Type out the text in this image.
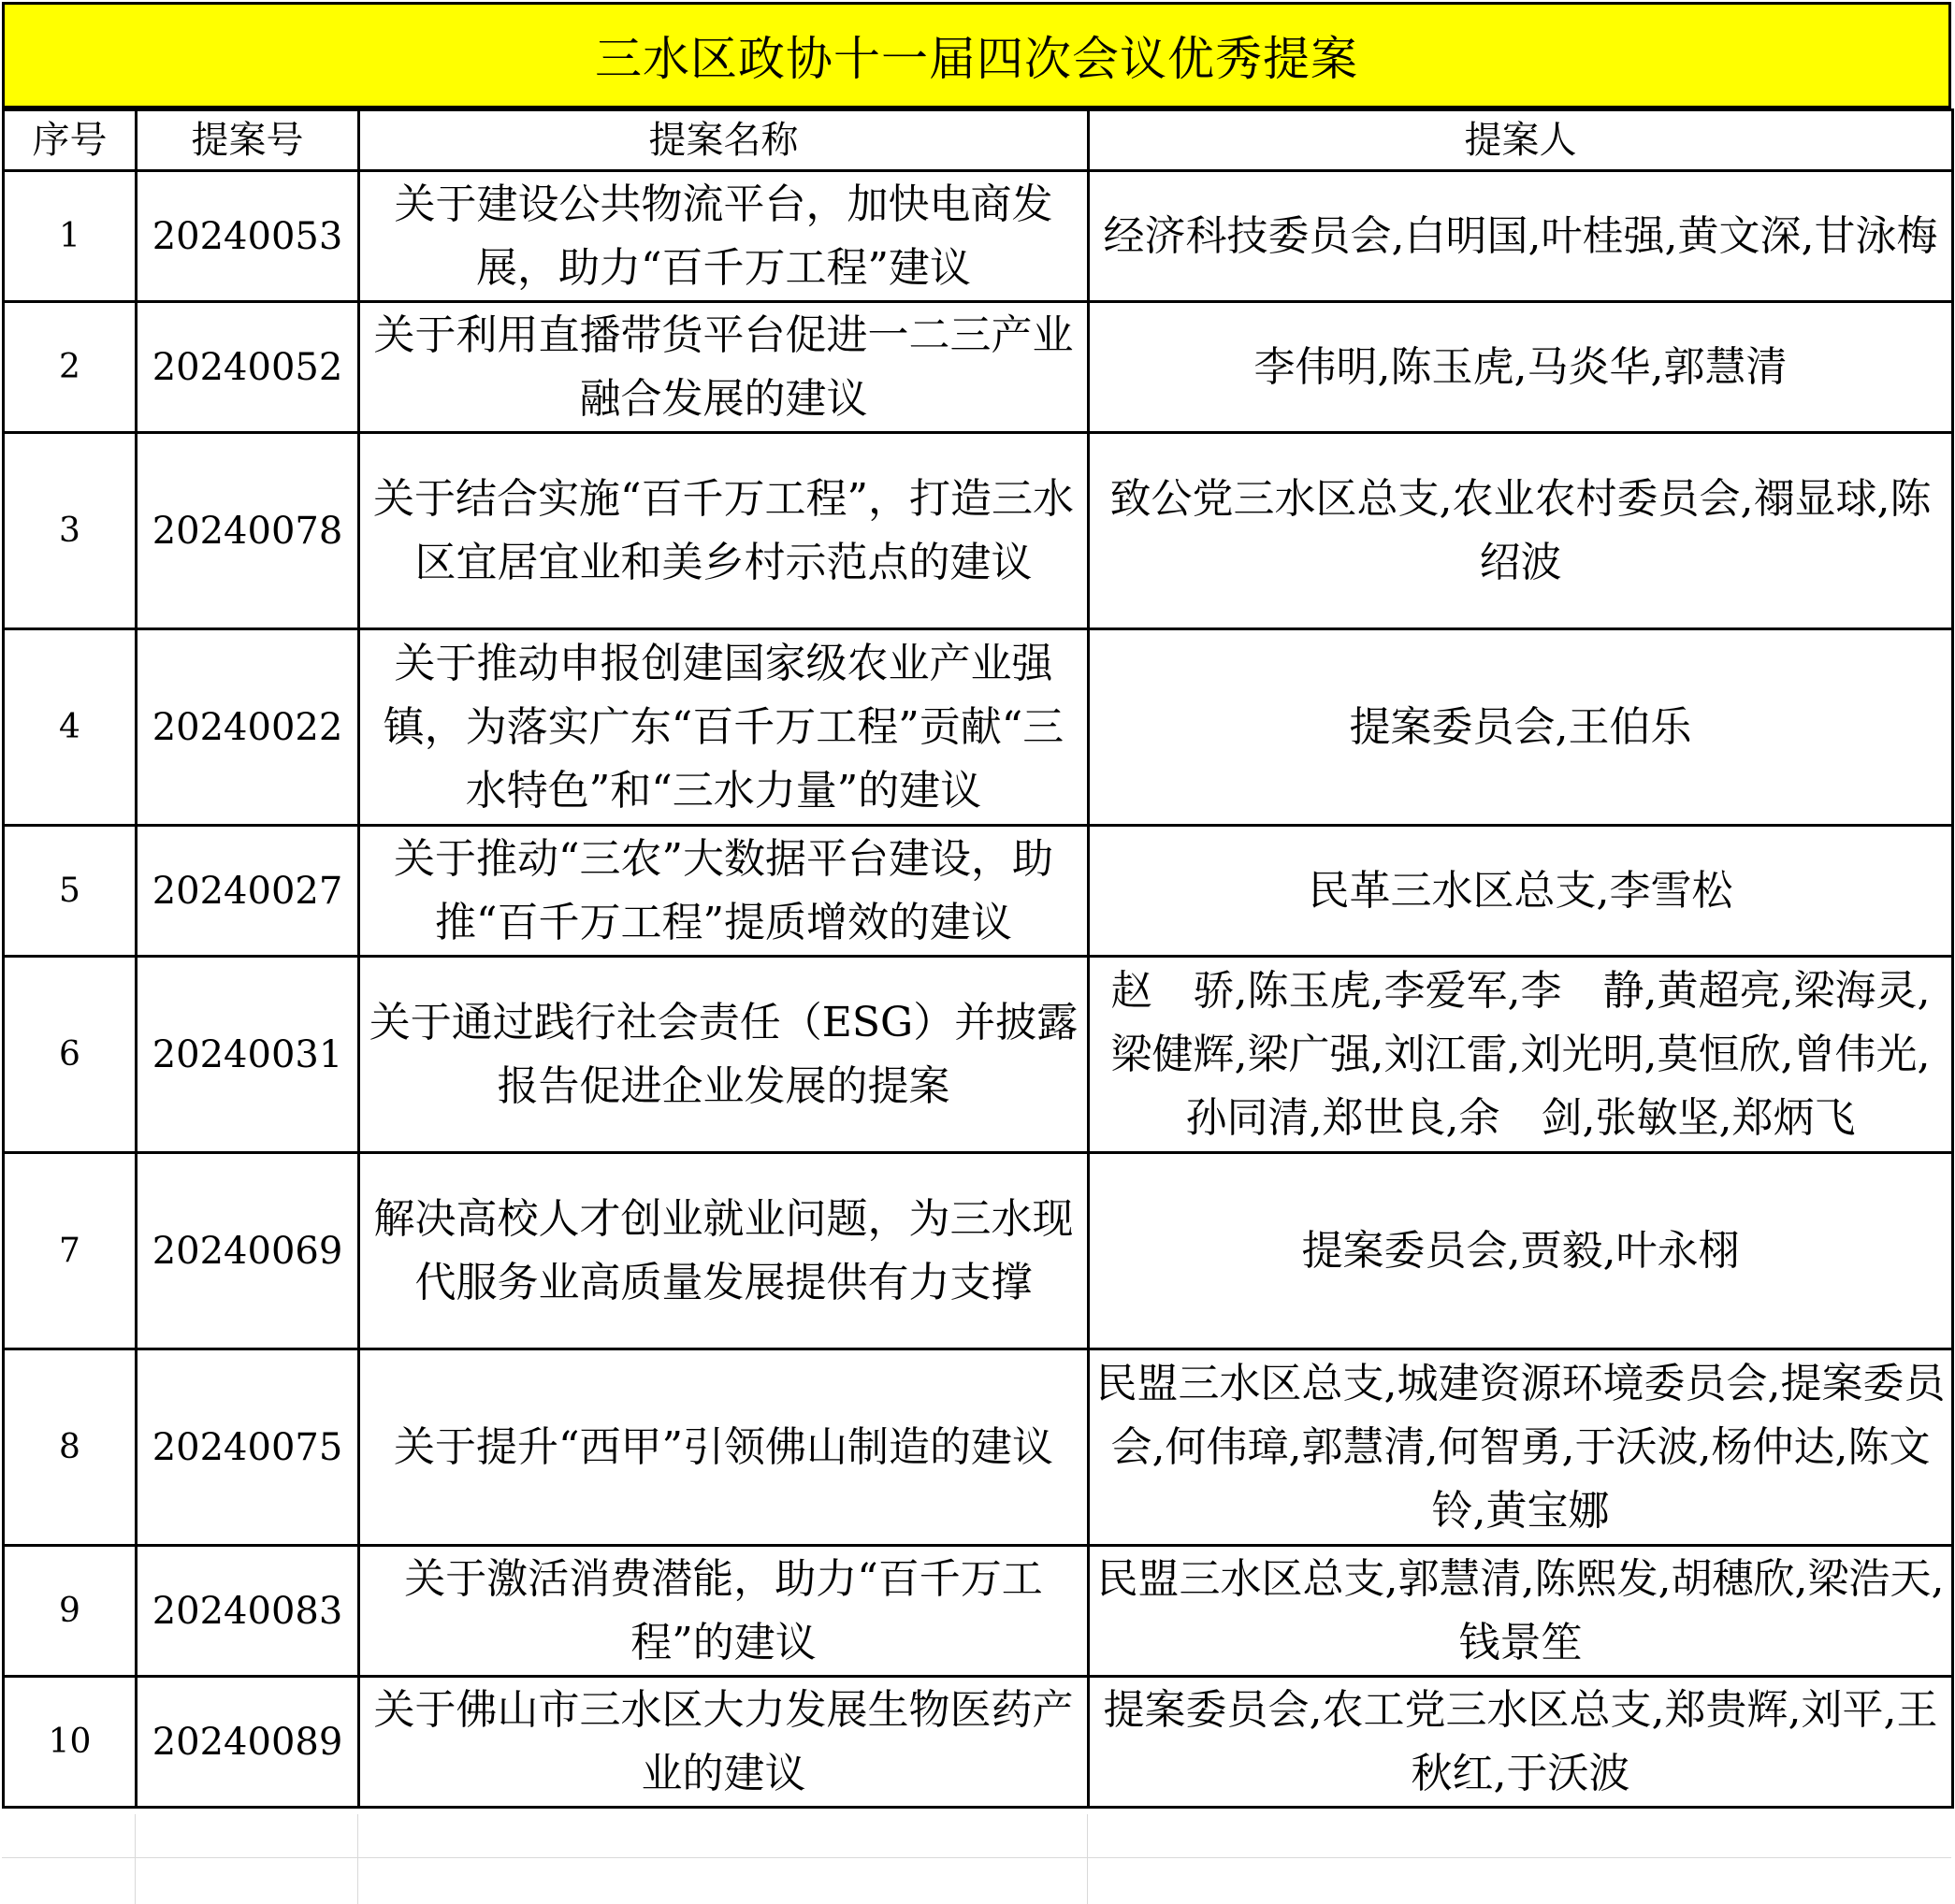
三水区政协十一届四次会议优秀提案
序号	提案号	提案名称	提案人
1	20240053	关于建设公共物流平台，加快电商发展，助力“百千万工程”建议	经济科技委员会,白明国,叶桂强,黄文深,甘泳梅
2	20240052	关于利用直播带货平台促进一二三产业融合发展的建议	李伟明,陈玉虎,马炎华,郭慧清
3	20240078	关于结合实施“百千万工程”，打造三水区宜居宜业和美乡村示范点的建议	致公党三水区总支,农业农村委员会,禤显球,陈绍波
4	20240022	关于推动申报创建国家级农业产业强镇，为落实广东“百千万工程”贡献“三水特色”和“三水力量”的建议	提案委员会,王伯乐
5	20240027	关于推动“三农”大数据平台建设，助推“百千万工程”提质增效的建议	民革三水区总支,李雪松
6	20240031	关于通过践行社会责任（ESG）并披露报告促进企业发展的提案	赵　骄,陈玉虎,李爱军,李　静,黄超亮,梁海灵,梁健辉,梁广强,刘江雷,刘光明,莫恒欣,曾伟光,孙同清,郑世良,余　剑,张敏坚,郑炳飞
7	20240069	解决高校人才创业就业问题，为三水现代服务业高质量发展提供有力支撑	提案委员会,贾毅,叶永栩
8	20240075	关于提升“西甲”引领佛山制造的建议	民盟三水区总支,城建资源环境委员会,提案委员会,何伟璋,郭慧清,何智勇,于沃波,杨仲达,陈文铃,黄宝娜
9	20240083	关于激活消费潜能，助力“百千万工程”的建议	民盟三水区总支,郭慧清,陈熙发,胡穗欣,梁浩天,钱景笙
10	20240089	关于佛山市三水区大力发展生物医药产业的建议	提案委员会,农工党三水区总支,郑贵辉,刘平,王秋红,于沃波
